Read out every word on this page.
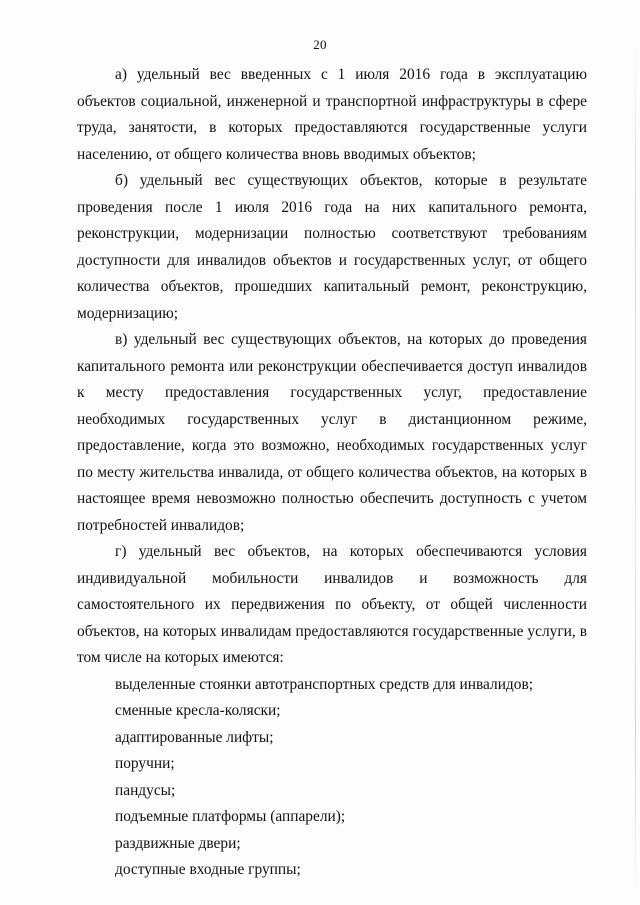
20

а) удельный вес введенных с 1 июля 2016 года в эксплуатацию объектов социальной, инженерной и транспортной инфраструктуры в сфере труда, занятости, в которых предоставляются государственные услуги населению, от общего количества вновь вводимых объектов;

б) удельный вес существующих объектов, которые в результате проведения после 1 июля 2016 года на них капитального ремонта, реконструкции, модернизации полностью соответствуют требованиям доступности для инвалидов объектов и государственных услуг, от общего количества объектов, прошедших капитальный ремонт, реконструкцию, модернизацию;

в) удельный вес существующих объектов, на которых до проведения капитального ремонта или реконструкции обеспечивается доступ инвалидов к месту предоставления государственных услуг, предоставление необходимых государственных услуг в дистанционном режиме, предоставление, когда это возможно, необходимых государственных услуг по месту жительства инвалида, от общего количества объектов, на которых в настоящее время невозможно полностью обеспечить доступность с учетом потребностей инвалидов;

г) удельный вес объектов, на которых обеспечиваются условия индивидуальной мобильности инвалидов и возможность для самостоятельного их передвижения по объекту, от общей численности объектов, на которых инвалидам предоставляются государственные услуги, в том числе на которых имеются:

выделенные стоянки автотранспортных средств для инвалидов;
сменные кресла-коляски;
адаптированные лифты;
поручни;
пандусы;
подъемные платформы (аппарели);
раздвижные двери;
доступные входные группы;
